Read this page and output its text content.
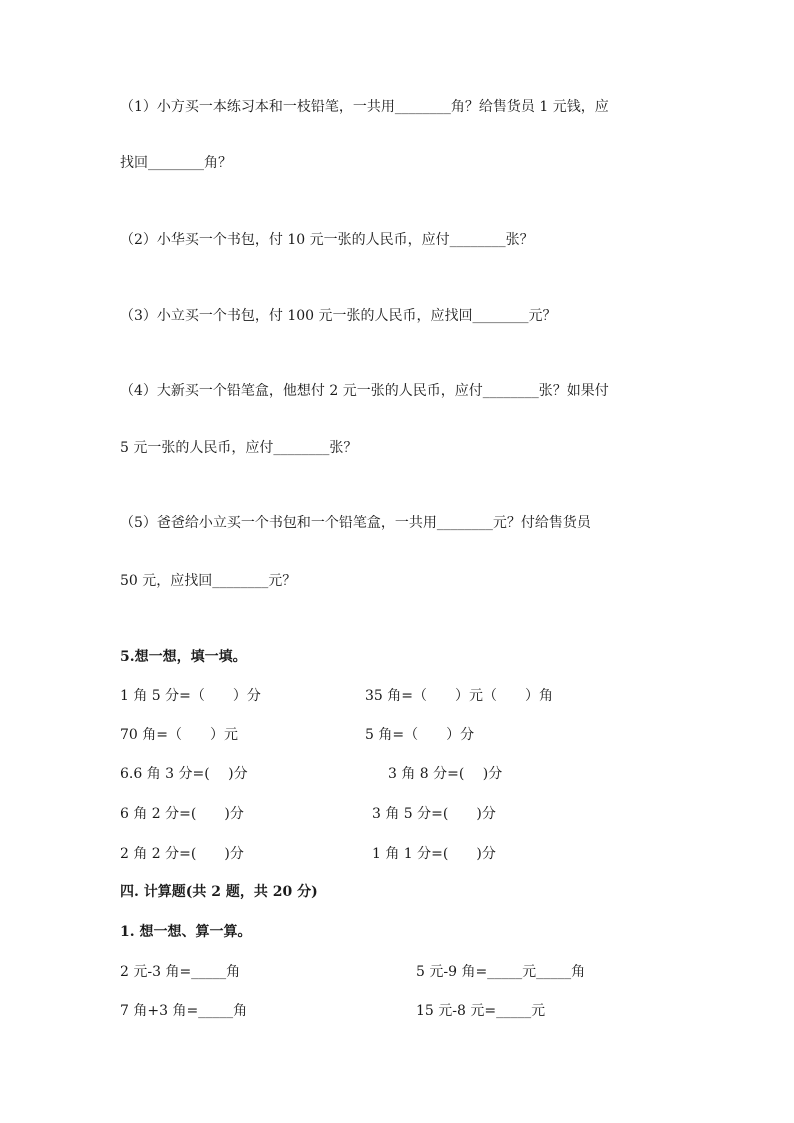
（1）小方买一本练习本和一枝铅笔，一共用________角？给售货员 1 元钱，应
找回________角？
（2）小华买一个书包，付 10 元一张的人民币，应付________张？
（3）小立买一个书包，付 100 元一张的人民币，应找回________元？
（4）大新买一个铅笔盒，他想付 2 元一张的人民币，应付________张？如果付
5 元一张的人民币，应付________张？
（5）爸爸给小立买一个书包和一个铅笔盒，一共用________元？付给售货员
50 元，应找回________元？
5.想一想，填一填。
1 角 5 分=（　　）分	35 角=（　　）元（　　）角
70 角=（　　）元	5 角=（　　）分
6.6 角 3 分=(　 )分	3 角 8 分=(　 )分
6 角 2 分=(　　)分	3 角 5 分=(　　)分
2 角 2 分=(　　)分	1 角 1 分=(　　)分
四. 计算题(共 2 题，共 20 分)
1. 想一想、算一算。
2 元-3 角=_____角	5 元-9 角=_____元_____角
7 角+3 角=_____角	15 元-8 元=_____元
